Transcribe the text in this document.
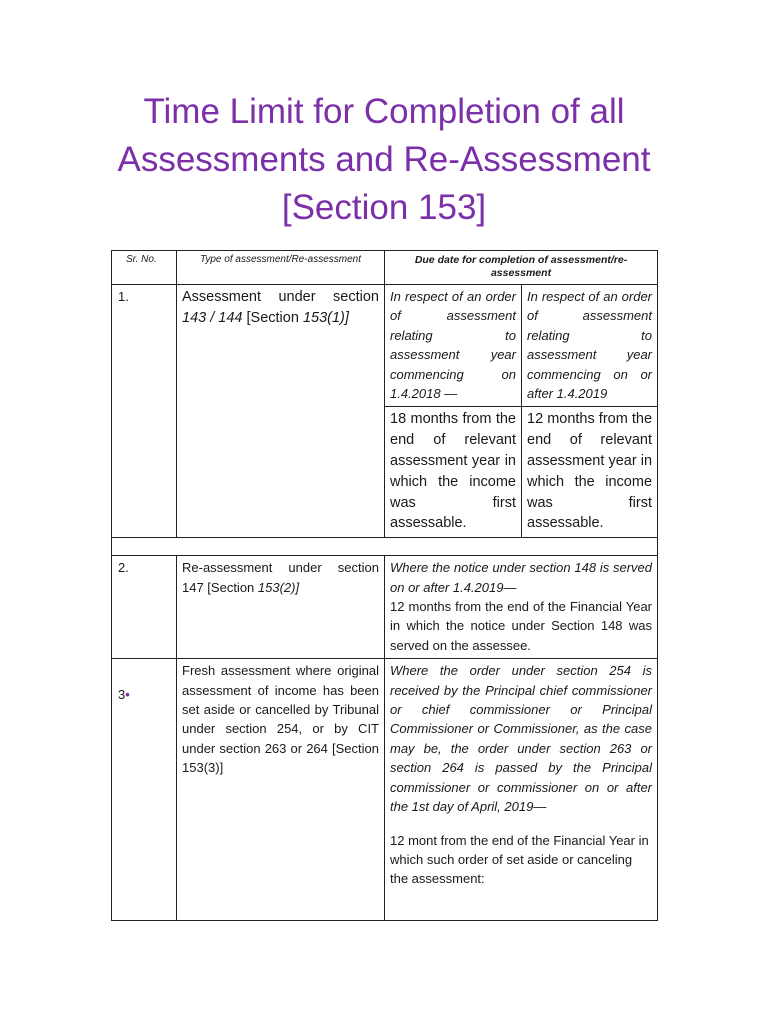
Time Limit for Completion of all
Assessments and Re-Assessment
[Section 153]
Sr. No.	Type of assessment/Re-assessment	Due date for completion of assessment/re-assessment	
1.	Assessment under section 143 / 144 [Section 153(1)]	In respect of an order of assessment relating to assessment year commencing on 1.4.2018 —	In respect of an order of assessment relating to assessment year commencing on or after 1.4.2019
		18 months from the end of relevant assessment year in which the income was first assessable.	12 months from the end of relevant assessment year in which the income was first assessable.

2.	Re-assessment under section 147 [Section 153(2)]	Where the notice under section 148 is served on or after 1.4.2019—

12 months from the end of the Financial Year in which the notice under Section 148 was served on the assessee.	

3•	Fresh assessment where original assessment of income has been set aside or cancelled by Tribunal under section 254, or by CIT under section 263 or 264 [Section 153(3)]	Where the order under section 254 is received by the Principal chief commissioner or chief commissioner or Principal Commissioner or Commissioner, as the case may be, the order under section 263 or section 264 is passed by the Principal commissioner or commissioner on or after the 1st day of April, 2019—

12 mont from the end of the Financial Year in which such order of set aside or canceling the assessment:	
